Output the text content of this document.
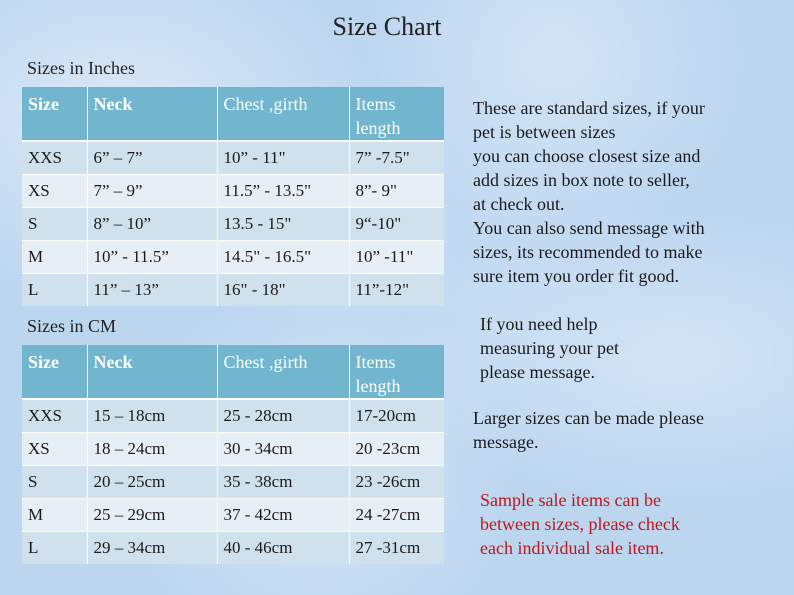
Size Chart
Sizes in Inches
Size	Neck	Chest ,girth	Items length
XXS	6” – 7”	10” - 11"	7” -7.5"
XS	7” – 9”	11.5” - 13.5"	8”- 9"
S	8” – 10”	13.5 - 15"	9“-10"
M	10” - 11.5”	14.5" - 16.5"	10” -11"
L	11” – 13”	16" - 18"	11”-12"
Sizes in CM
Size	Neck	Chest ,girth	Items length
XXS	15 – 18cm	25 - 28cm	17-20cm
XS	18 – 24cm	30 - 34cm	20 -23cm
S	20 – 25cm	35 - 38cm	23 -26cm
M	25 – 29cm	37 - 42cm	24 -27cm
L	29 – 34cm	40 - 46cm	27 -31cm
These are standard sizes, if your
pet is between sizes
you can choose closest size and
add sizes in box note to seller,
at check out.
You can also send message with
sizes, its recommended to make
sure item you order fit good.
If you need help
measuring your pet
please message.
Larger sizes can be made please
message.
Sample sale items can be
between sizes, please check
each individual sale item.
